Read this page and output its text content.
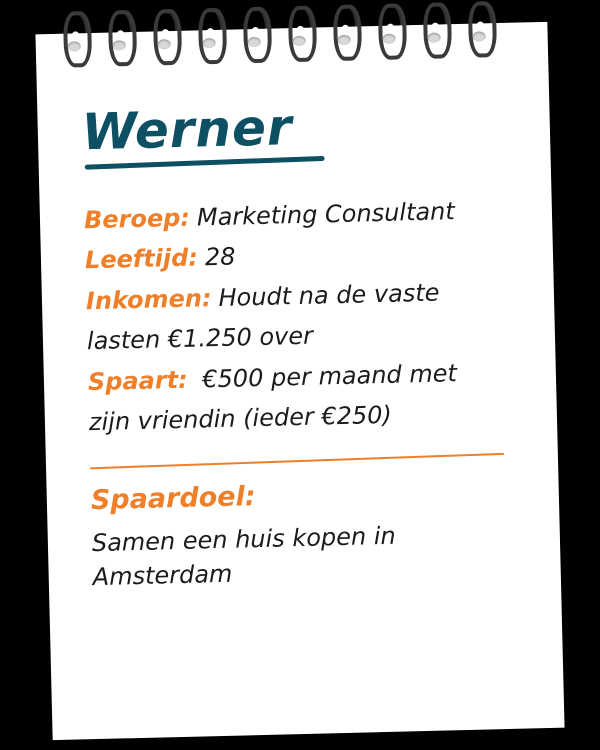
Werner

Beroep: Marketing Consultant

Leeftijd: 28

Inkomen: Houdt na de vaste

lasten €1.250 over

Spaart: €500 per maand met

zijn vriendin (ieder €250)

Spaardoel:

Samen een huis kopen in Amsterdam
